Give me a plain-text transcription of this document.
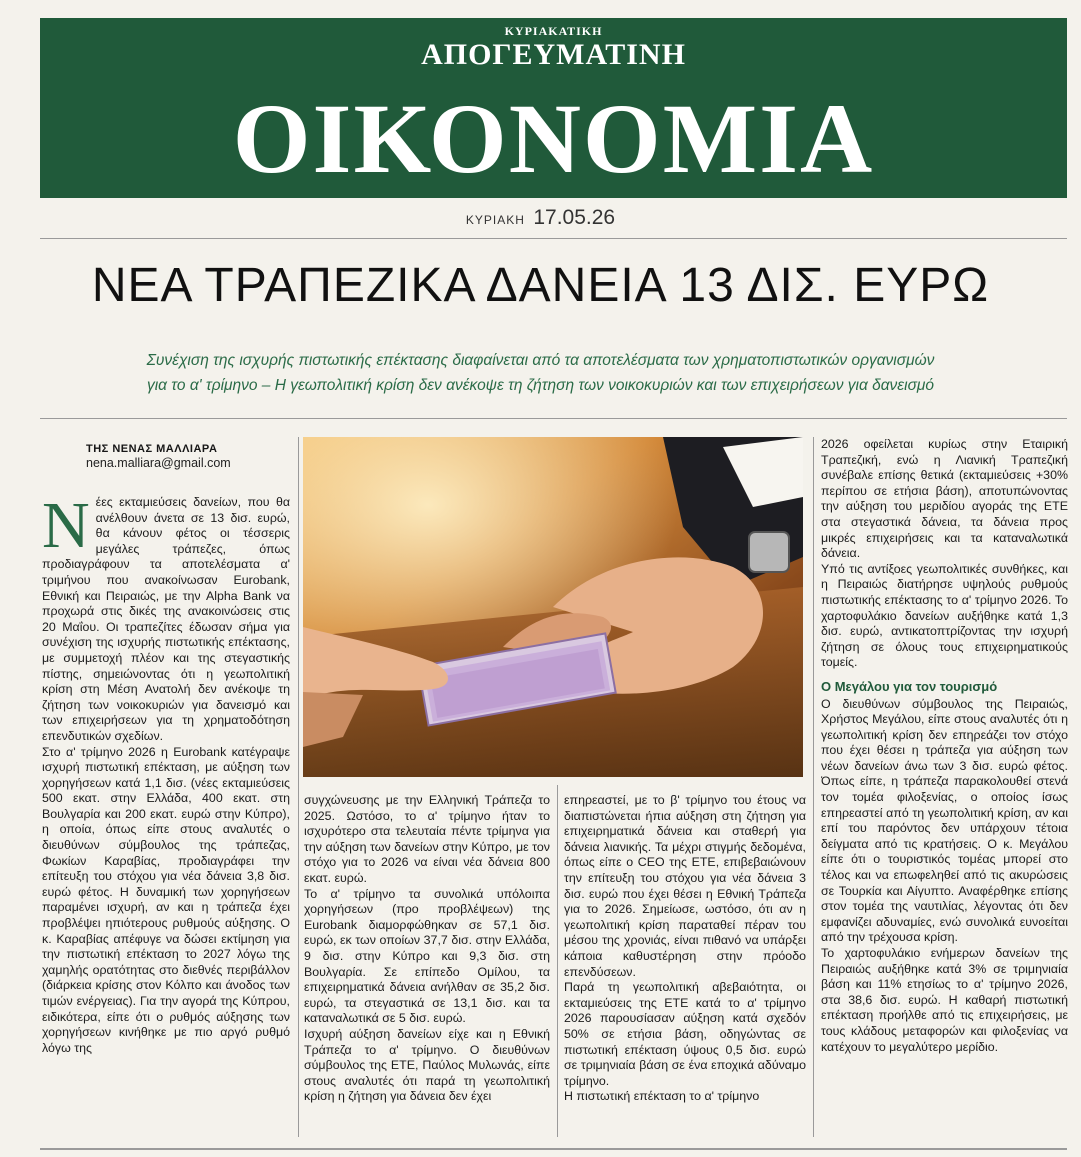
ΚΥΡΙΑΚΑΤΙΚΗ
ΑΠΟΓΕΥΜΑΤΙΝΗ
ΟΙΚΟΝΟΜΙΑ
ΚΥΡΙΑΚΗ 17.05.26
ΝΕΑ ΤΡΑΠΕΖΙΚΑ ΔΑΝΕΙΑ 13 ΔΙΣ. ΕΥΡΩ
Συνέχιση της ισχυρής πιστωτικής επέκτασης διαφαίνεται από τα αποτελέσματα των χρηματοπιστωτικών οργανισμών
για το α' τρίμηνο – Η γεωπολιτική κρίση δεν ανέκοψε τη ζήτηση των νοικοκυριών και των επιχειρήσεων για δανεισμό
ΤΗΣ ΝΕΝΑΣ ΜΑΛΛΙΑΡΑ
nena.malliara@gmail.com

Νέες εκταμιεύσεις δανείων, που θα ανέλθουν άνετα σε 13 δισ. ευρώ, θα κάνουν φέτος οι τέσσερις μεγάλες τράπεζες, όπως προδιαγράφουν τα αποτελέσματα α' τριμήνου που ανακοίνωσαν Eurobank, Εθνική και Πειραιώς, με την Alpha Bank να προχωρά στις δικές της ανακοινώσεις στις 20 Μαΐου. Οι τραπεζίτες έδωσαν σήμα για συνέχιση της ισχυρής πιστωτικής επέκτασης, με συμμετοχή πλέον και της στεγαστικής πίστης, σημειώνοντας ότι η γεωπολιτική κρίση στη Μέση Ανατολή δεν ανέκοψε τη ζήτηση των νοικοκυριών για δανεισμό και των επιχειρήσεων για τη χρηματοδότηση επενδυτικών σχεδίων.

Στο α' τρίμηνο 2026 η Eurobank κατέγραψε ισχυρή πιστωτική επέκταση, με αύξηση των χορηγήσεων κατά 1,1 δισ. (νέες εκταμιεύσεις 500 εκατ. στην Ελλάδα, 400 εκατ. στη Βουλγαρία και 200 εκατ. ευρώ στην Κύπρο), η οποία, όπως είπε στους αναλυτές ο διευθύνων σύμβουλος της τράπεζας, Φωκίων Καραβίας, προδιαγράφει την επίτευξη του στόχου για νέα δάνεια 3,8 δισ. ευρώ φέτος. Η δυναμική των χορηγήσεων παραμένει ισχυρή, αν και η τράπεζα έχει προβλέψει ηπιότερους ρυθμούς αύξησης. Ο κ. Καραβίας απέφυγε να δώσει εκτίμηση για την πιστωτική επέκταση το 2027 λόγω της χαμηλής ορατότητας στο διεθνές περιβάλλον (διάρκεια κρίσης στον Κόλπο και άνοδος των τιμών ενέργειας). Για την αγορά της Κύπρου, ειδικότερα, είπε ότι ο ρυθμός αύξησης των χορηγήσεων κινήθηκε με πιο αργό ρυθμό λόγω της

συγχώνευσης με την Ελληνική Τράπεζα το 2025. Ωστόσο, το α' τρίμηνο ήταν το ισχυρότερο στα τελευταία πέντε τρίμηνα για την αύξηση των δανείων στην Κύπρο, με τον στόχο για το 2026 να είναι νέα δάνεια 800 εκατ. ευρώ.

Το α' τρίμηνο τα συνολικά υπόλοιπα χορηγήσεων (προ προβλέψεων) της Eurobank διαμορφώθηκαν σε 57,1 δισ. ευρώ, εκ των οποίων 37,7 δισ. στην Ελλάδα, 9 δισ. στην Κύπρο και 9,3 δισ. στη Βουλγαρία. Σε επίπεδο Ομίλου, τα επιχειρηματικά δάνεια ανήλθαν σε 35,2 δισ. ευρώ, τα στεγαστικά σε 13,1 δισ. και τα καταναλωτικά σε 5 δισ. ευρώ.

Ισχυρή αύξηση δανείων είχε και η Εθνική Τράπεζα το α' τρίμηνο. Ο διευθύνων σύμβουλος της ΕΤΕ, Παύλος Μυλωνάς, είπε στους αναλυτές ότι παρά τη γεωπολιτική κρίση η ζήτηση για δάνεια δεν έχει

επηρεαστεί, με το β' τρίμηνο του έτους να διαπιστώνεται ήπια αύξηση στη ζήτηση για επιχειρηματικά δάνεια και σταθερή για δάνεια λιανικής. Τα μέχρι στιγμής δεδομένα, όπως είπε ο CEO της ΕΤΕ, επιβεβαιώνουν την επίτευξη του στόχου για νέα δάνεια 3 δισ. ευρώ που έχει θέσει η Εθνική Τράπεζα για το 2026. Σημείωσε, ωστόσο, ότι αν η γεωπολιτική κρίση παραταθεί πέραν του μέσου της χρονιάς, είναι πιθανό να υπάρξει κάποια καθυστέρηση στην πρόοδο επενδύσεων.

Παρά τη γεωπολιτική αβεβαιότητα, οι εκταμιεύσεις της ΕΤΕ κατά το α' τρίμηνο 2026 παρουσίασαν αύξηση κατά σχεδόν 50% σε ετήσια βάση, οδηγώντας σε πιστωτική επέκταση ύψους 0,5 δισ. ευρώ σε τριμηνιαία βάση σε ένα εποχικά αδύναμο τρίμηνο.

Η πιστωτική επέκταση το α' τρίμηνο

2026 οφείλεται κυρίως στην Εταιρική Τραπεζική, ενώ η Λιανική Τραπεζική συνέβαλε επίσης θετικά (εκταμιεύσεις +30% περίπου σε ετήσια βάση), αποτυπώνοντας την αύξηση του μεριδίου αγοράς της ΕΤΕ στα στεγαστικά δάνεια, τα δάνεια προς μικρές επιχειρήσεις και τα καταναλωτικά δάνεια.

Υπό τις αντίξοες γεωπολιτικές συνθήκες, και η Πειραιώς διατήρησε υψηλούς ρυθμούς πιστωτικής επέκτασης το α' τρίμηνο 2026. Το χαρτοφυλάκιο δανείων αυξήθηκε κατά 1,3 δισ. ευρώ, αντικατοπτρίζοντας την ισχυρή ζήτηση σε όλους τους επιχειρηματικούς τομείς.

Ο Μεγάλου για τον τουρισμό

Ο διευθύνων σύμβουλος της Πειραιώς, Χρήστος Μεγάλου, είπε στους αναλυτές ότι η γεωπολιτική κρίση δεν επηρεάζει τον στόχο που έχει θέσει η τράπεζα για αύξηση των νέων δανείων άνω των 3 δισ. ευρώ φέτος. Όπως είπε, η τράπεζα παρακολουθεί στενά τον τομέα φιλοξενίας, ο οποίος ίσως επηρεαστεί από τη γεωπολιτική κρίση, αν και επί του παρόντος δεν υπάρχουν τέτοια δείγματα από τις κρατήσεις. Ο κ. Μεγάλου είπε ότι ο τουριστικός τομέας μπορεί στο τέλος και να επωφεληθεί από τις ακυρώσεις σε Τουρκία και Αίγυπτο. Αναφέρθηκε επίσης στον τομέα της ναυτιλίας, λέγοντας ότι δεν εμφανίζει αδυναμίες, ενώ συνολικά ευνοείται από την τρέχουσα κρίση.

Το χαρτοφυλάκιο ενήμερων δανείων της Πειραιώς αυξήθηκε κατά 3% σε τριμηνιαία βάση και 11% ετησίως το α' τρίμηνο 2026, στα 38,6 δισ. ευρώ. Η καθαρή πιστωτική επέκταση προήλθε από τις επιχειρήσεις, με τους κλάδους μεταφορών και φιλοξενίας να κατέχουν το μεγαλύτερο μερίδιο.
